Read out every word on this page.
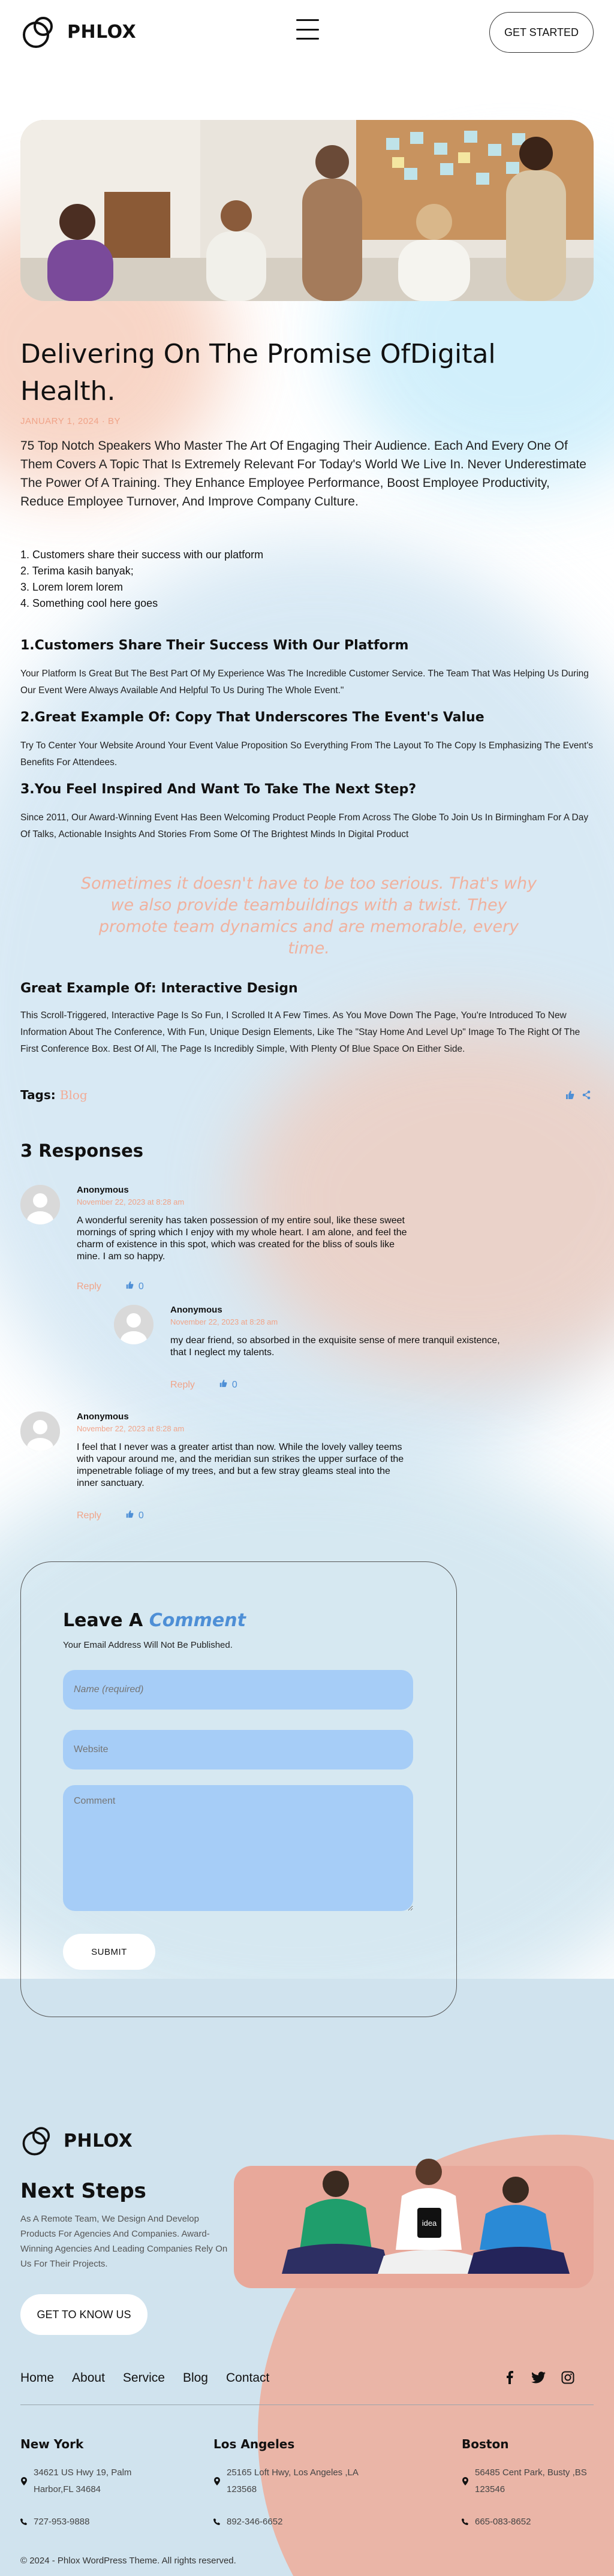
PHLOX	GET STARTED
Delivering On The Promise OfDigital Health.
JANUARY 1, 2024 · BY

75 Top Notch Speakers Who Master The Art Of Engaging Their Audience. Each And Every One Of Them Covers A Topic That Is Extremely Relevant For Today's World We Live In. Never Underestimate The Power Of A Training. They Enhance Employee Performance, Boost Employee Productivity, Reduce Employee Turnover, And Improve Company Culture.

1. Customers share their success with our platform
2. Terima kasih banyak;
3. Lorem lorem lorem
4. Something cool here goes
1.Customers Share Their Success With Our Platform

Your Platform Is Great But The Best Part Of My Experience Was The Incredible Customer Service. The Team That Was Helping Us During Our Event Were Always Available And Helpful To Us During The Whole Event."

2.Great Example Of: Copy That Underscores The Event's Value

Try To Center Your Website Around Your Event Value Proposition So Everything From The Layout To The Copy Is Emphasizing The Event's Benefits For Attendees.

3.You Feel Inspired And Want To Take The Next Step?

Since 2011, Our Award-Winning Event Has Been Welcoming Product People From Across The Globe To Join Us In Birmingham For A Day Of Talks, Actionable Insights And Stories From Some Of The Brightest Minds In Digital Product

Sometimes it doesn't have to be too serious. That's why we also provide teambuildings with a twist. They promote team dynamics and are memorable, every time.
Great Example Of: Interactive Design

This Scroll-Triggered, Interactive Page Is So Fun, I Scrolled It A Few Times. As You Move Down The Page, You're Introduced To New Information About The Conference, With Fun, Unique Design Elements, Like The "Stay Home And Level Up" Image To The Right Of The First Conference Box. Best Of All, The Page Is Incredibly Simple, With Plenty Of Blue Space On Either Side.

Tags: Blog
3 Responses
Anonymous
November 22, 2023 at 8:28 am
A wonderful serenity has taken possession of my entire soul, like these sweet mornings of spring which I enjoy with my whole heart. I am alone, and feel the charm of existence in this spot, which was created for the bliss of souls like mine. I am so happy.
Reply	0
Anonymous
November 22, 2023 at 8:28 am
my dear friend, so absorbed in the exquisite sense of mere tranquil existence, that I neglect my talents.
Reply	0
Anonymous
November 22, 2023 at 8:28 am
I feel that I never was a greater artist than now. While the lovely valley teems with vapour around me, and the meridian sun strikes the upper surface of the impenetrable foliage of my trees, and but a few stray gleams steal into the inner sanctuary.
Reply	0
Leave A Comment
Your Email Address Will Not Be Published.
Name (required)
Website
Comment
SUBMIT
PHLOX
Next Steps

As A Remote Team, We Design And Develop Products For Agencies And Companies. Award-Winning Agencies And Leading Companies Rely On Us For Their Projects.

GET TO KNOW US
idea
Home About Service Blog Contact
New York
34621 US Hwy 19, Palm Harbor,FL 34684
727-953-9888
Los Angeles
25165 Loft Hwy, Los Angeles ,LA 123568
892-346-6652
Boston
56485 Cent Park, Busty ,BS 123546
665-083-8652
© 2024 - Phlox WordPress Theme. All rights reserved.
